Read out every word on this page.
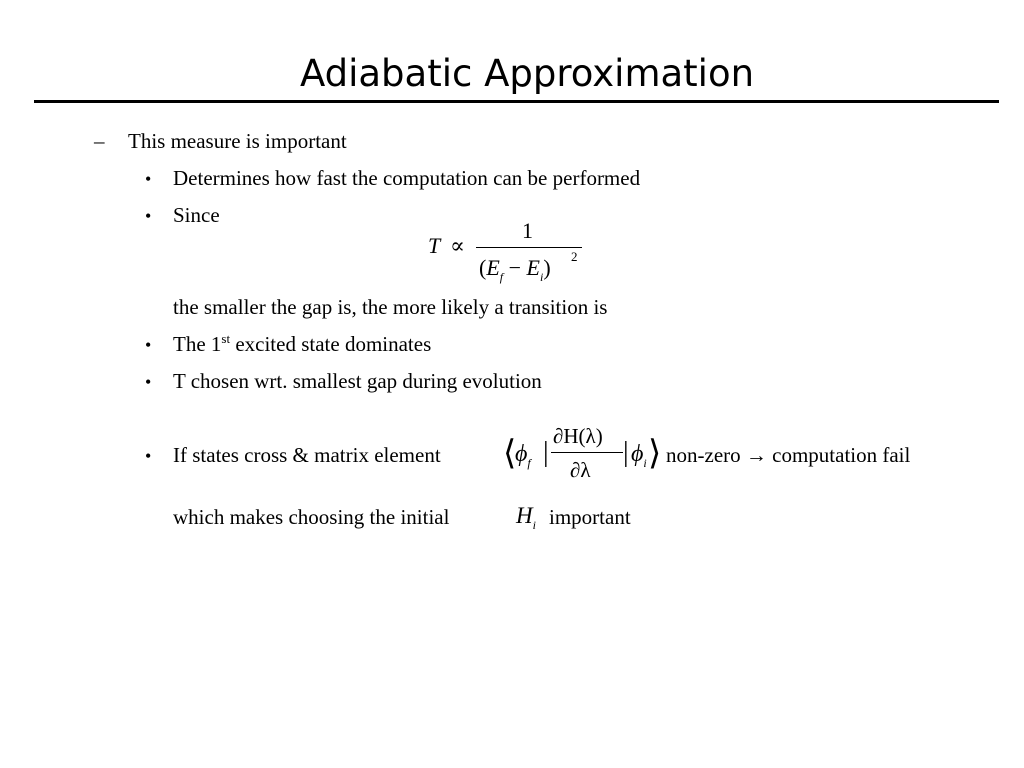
Adiabatic Approximation
– This measure is important
• Determines how fast the computation can be performed
• Since
T ∝
1
$(E_f - E_i)$ 2
the smaller the gap is, the more likely a transition is
• The 1st excited state dominates
• T chosen wrt. smallest gap during evolution
• If states cross & matrix element ⟨
$\phi_f$ |
∂H(λ)
∂λ
| $\phi_i$ ⟩ non-zero → computation fail
which makes choosing the initial	$H_i$ important
